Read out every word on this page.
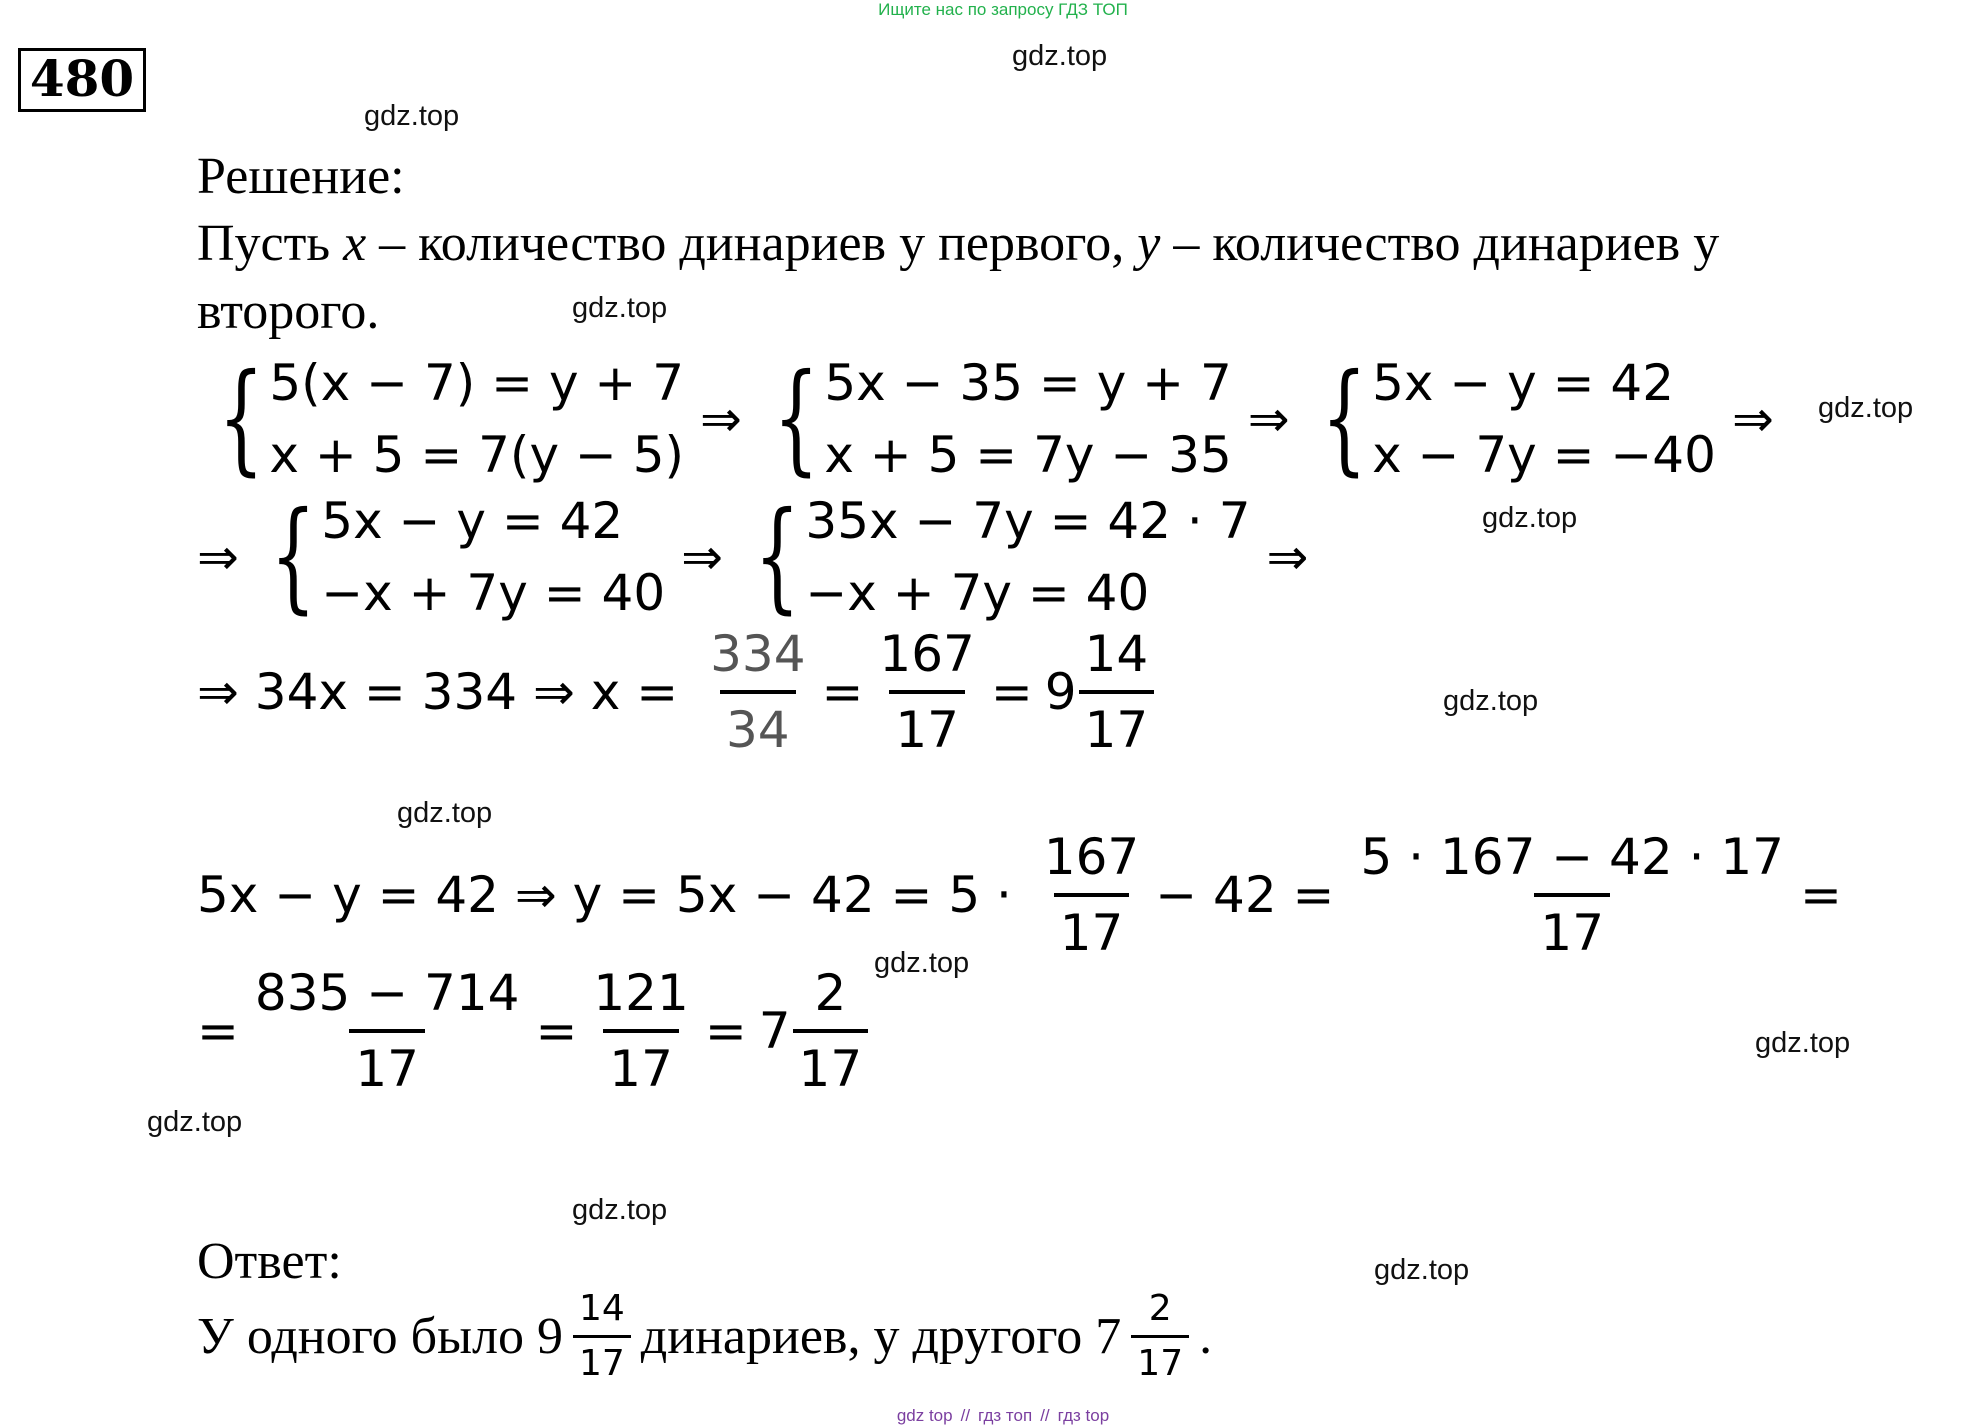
Ищите нас по запросу ГДЗ ТОП
480	gdz.top
gdz.top
gdz.top
gdz.top
gdz.top
gdz.top
gdz.top
gdz.top
gdz.top
gdz.top
gdz.top
gdz.top
Решение:
Пусть x – количество динариев у первого, y – количество динариев у
второго.
{ 5(x − 7) = y + 7
x + 5 = 7(y − 5)
⇒ { 5x − 35 = y + 7
x + 5 = 7y − 35
⇒ { 5x − y = 42
x − 7y = −40
⇒
⇒ { 5x − y = 42
−x + 7y = 40
⇒ { 35x − 7y = 42 · 7
−x + 7y = 40
⇒
⇒ 34x = 334 ⇒ $x = \frac{334}{34} = \frac{167}{17} = 9 \frac{14}{17}$
5x − y = 42 ⇒ $y = 5x - 42 = 5 \cdot \frac{167}{17} - 42 = \frac{5 \cdot 167 - 42 \cdot 17}{17}$ =
= $\frac{835 - 714}{17} = \frac{121}{17} = 7 \frac{2}{17}$
Ответ:
У одного было $9 \frac{14}{17}$ динариев, у другого $7 \frac{2}{17}$ .
gdz top // гдз топ // гдз top
